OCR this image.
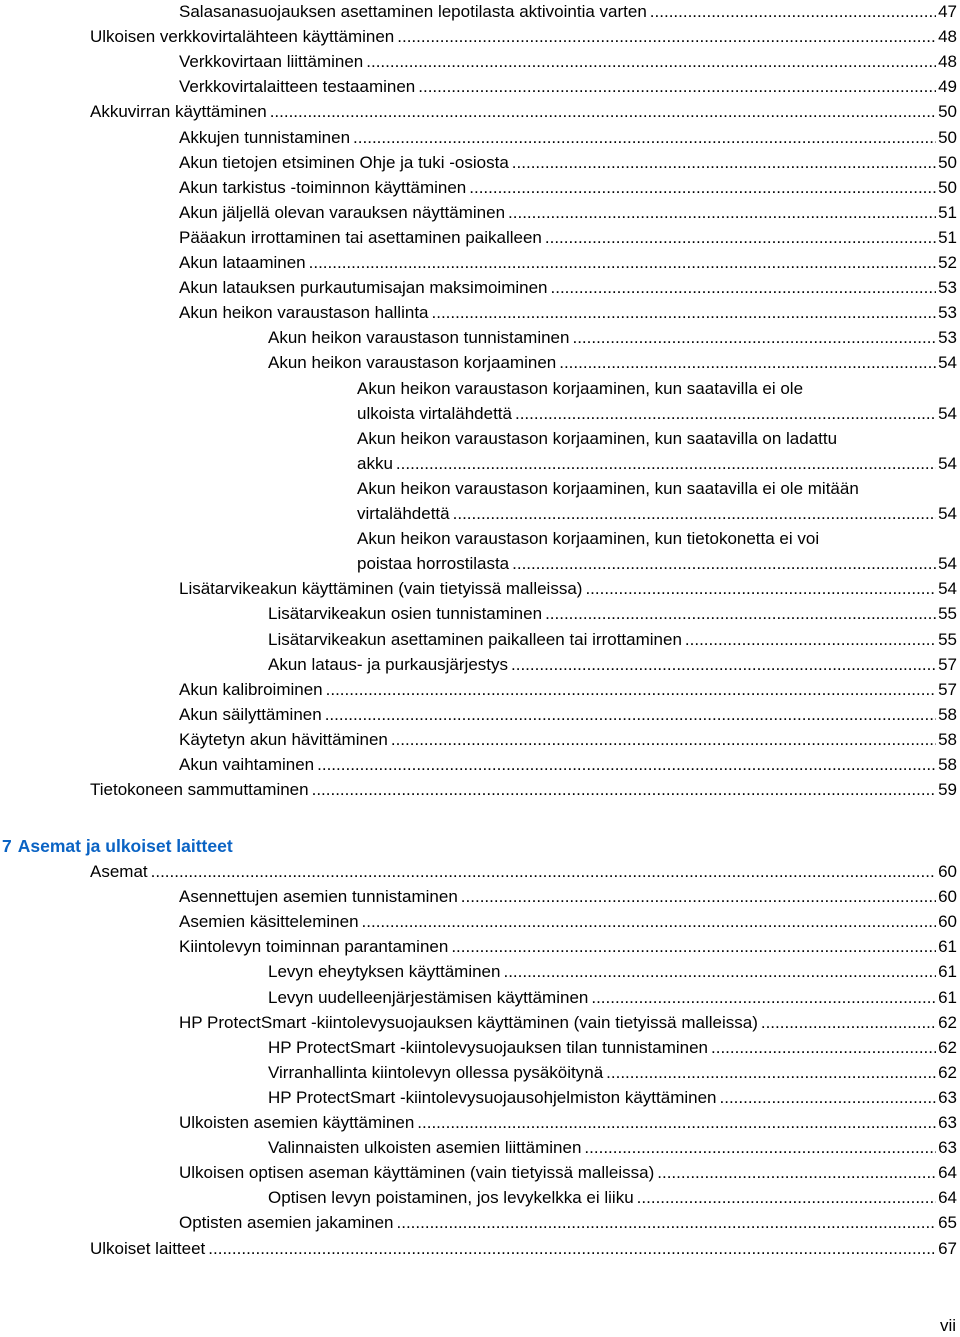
Salasanasuojauksen asettaminen lepotilasta aktivointia varten .....	47
Ulkoisen verkkovirtalähteen käyttäminen .....	48
Verkkovirtaan liittäminen .....	48
Verkkovirtalaitteen testaaminen .....	49
Akkuvirran käyttäminen .....	50
Akkujen tunnistaminen .....	50
Akun tietojen etsiminen Ohje ja tuki -osiosta .....	50
Akun tarkistus -toiminnon käyttäminen .....	50
Akun jäljellä olevan varauksen näyttäminen .....	51
Pääakun irrottaminen tai asettaminen paikalleen .....	51
Akun lataaminen .....	52
Akun latauksen purkautumisajan maksimoiminen .....	53
Akun heikon varaustason hallinta .....	53
Akun heikon varaustason tunnistaminen .....	53
Akun heikon varaustason korjaaminen .....	54
Akun heikon varaustason korjaaminen, kun saatavilla ei ole
ulkoista virtalähdettä .....	54
Akun heikon varaustason korjaaminen, kun saatavilla on ladattu
akku .....	54
Akun heikon varaustason korjaaminen, kun saatavilla ei ole mitään
virtalähdettä .....	54
Akun heikon varaustason korjaaminen, kun tietokonetta ei voi
poistaa horrostilasta .....	54
Lisätarvikeakun käyttäminen (vain tietyissä malleissa) .....	54
Lisätarvikeakun osien tunnistaminen .....	55
Lisätarvikeakun asettaminen paikalleen tai irrottaminen .....	55
Akun lataus- ja purkausjärjestys .....	57
Akun kalibroiminen .....	57
Akun säilyttäminen .....	58
Käytetyn akun hävittäminen .....	58
Akun vaihtaminen .....	58
Tietokoneen sammuttaminen .....	59
7 Asemat ja ulkoiset laitteet
Asemat .....	60
Asennettujen asemien tunnistaminen .....	60
Asemien käsitteleminen .....	60
Kiintolevyn toiminnan parantaminen .....	61
Levyn eheytyksen käyttäminen .....	61
Levyn uudelleenjärjestämisen käyttäminen .....	61
HP ProtectSmart -kiintolevysuojauksen käyttäminen (vain tietyissä malleissa) .....	62
HP ProtectSmart -kiintolevysuojauksen tilan tunnistaminen .....	62
Virranhallinta kiintolevyn ollessa pysäköitynä .....	62
HP ProtectSmart -kiintolevysuojausohjelmiston käyttäminen .....	63
Ulkoisten asemien käyttäminen .....	63
Valinnaisten ulkoisten asemien liittäminen .....	63
Ulkoisen optisen aseman käyttäminen (vain tietyissä malleissa) .....	64
Optisen levyn poistaminen, jos levykelkka ei liiku .....	64
Optisten asemien jakaminen .....	65
Ulkoiset laitteet .....	67
vii
